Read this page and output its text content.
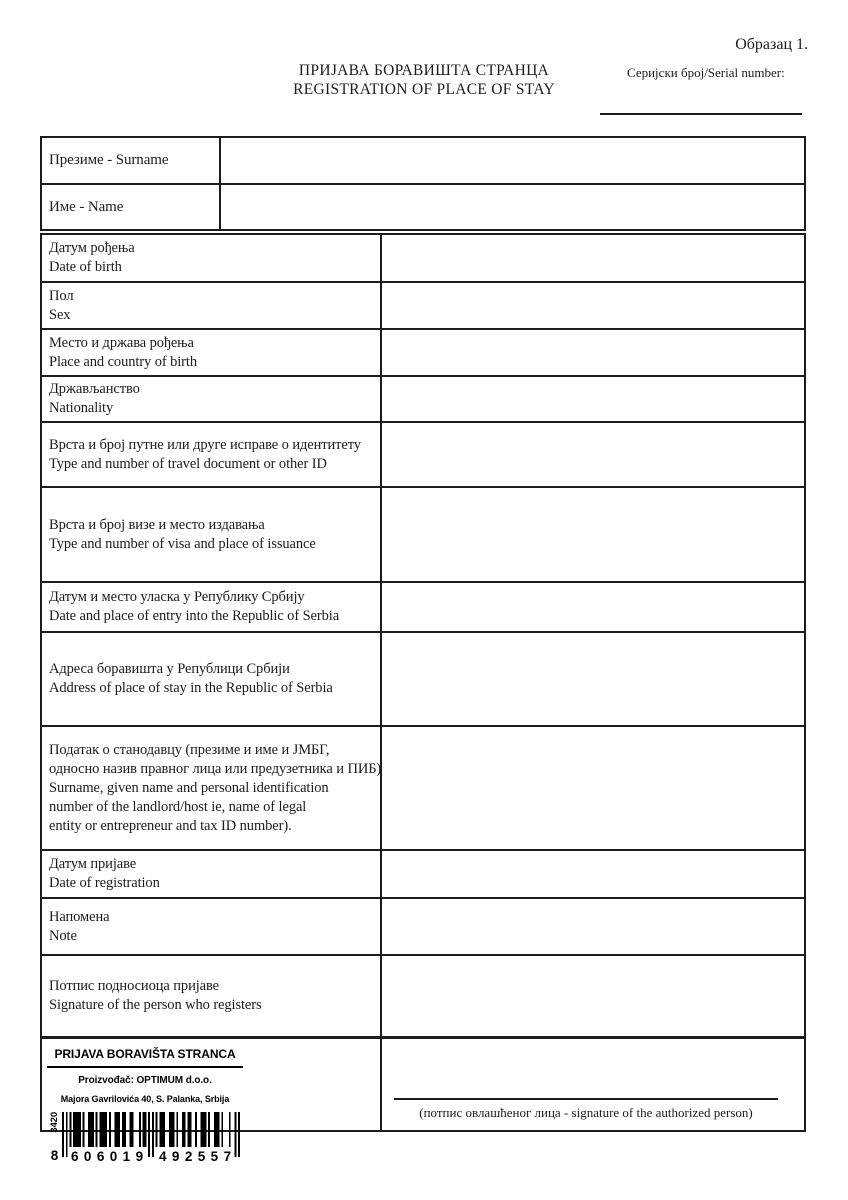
Образац 1.
ПРИЈАВА БОРАВИШТА СТРАНЦА
REGISTRATION OF PLACE OF STAY
Серијски број/Serial number:
Презиме - Surname
Име - Name
Датум рођења
Date of birth
Пол
Sex
Место и држава рођења
Place and country of birth
Држављанство
Nationality
Врста и број путне или друге исправе о идентитету
Type and number of travel document or other ID
Врста и број визе и место издавања
Type and number of visa and place of issuance
Датум и место уласка у Републику Србију
Date and place of entry into the Republic of Serbia
Адреса боравишта у Републици Србији
Address of place of stay in the Republic of Serbia
Податак о станодавцу (презиме и име и ЈМБГ,
односно назив правног лица или предузетника и ПИБ)
Surname, given name and personal identification
number of the landlord/host ie, name of legal
entity or entrepreneur and tax ID number).
Датум пријаве
Date of registration
Напомена
Note
Потпис подносиоца пријаве
Signature of the person who registers
PRIJAVA BORAVIŠTA STRANCA
Proizvođač: OPTIMUM d.o.o.
Majora Gavrilovića 40, S. Palanka, Srbija
3420
8 606019 492557
(потпис овлашћеног лица - signature of the authorized person)
